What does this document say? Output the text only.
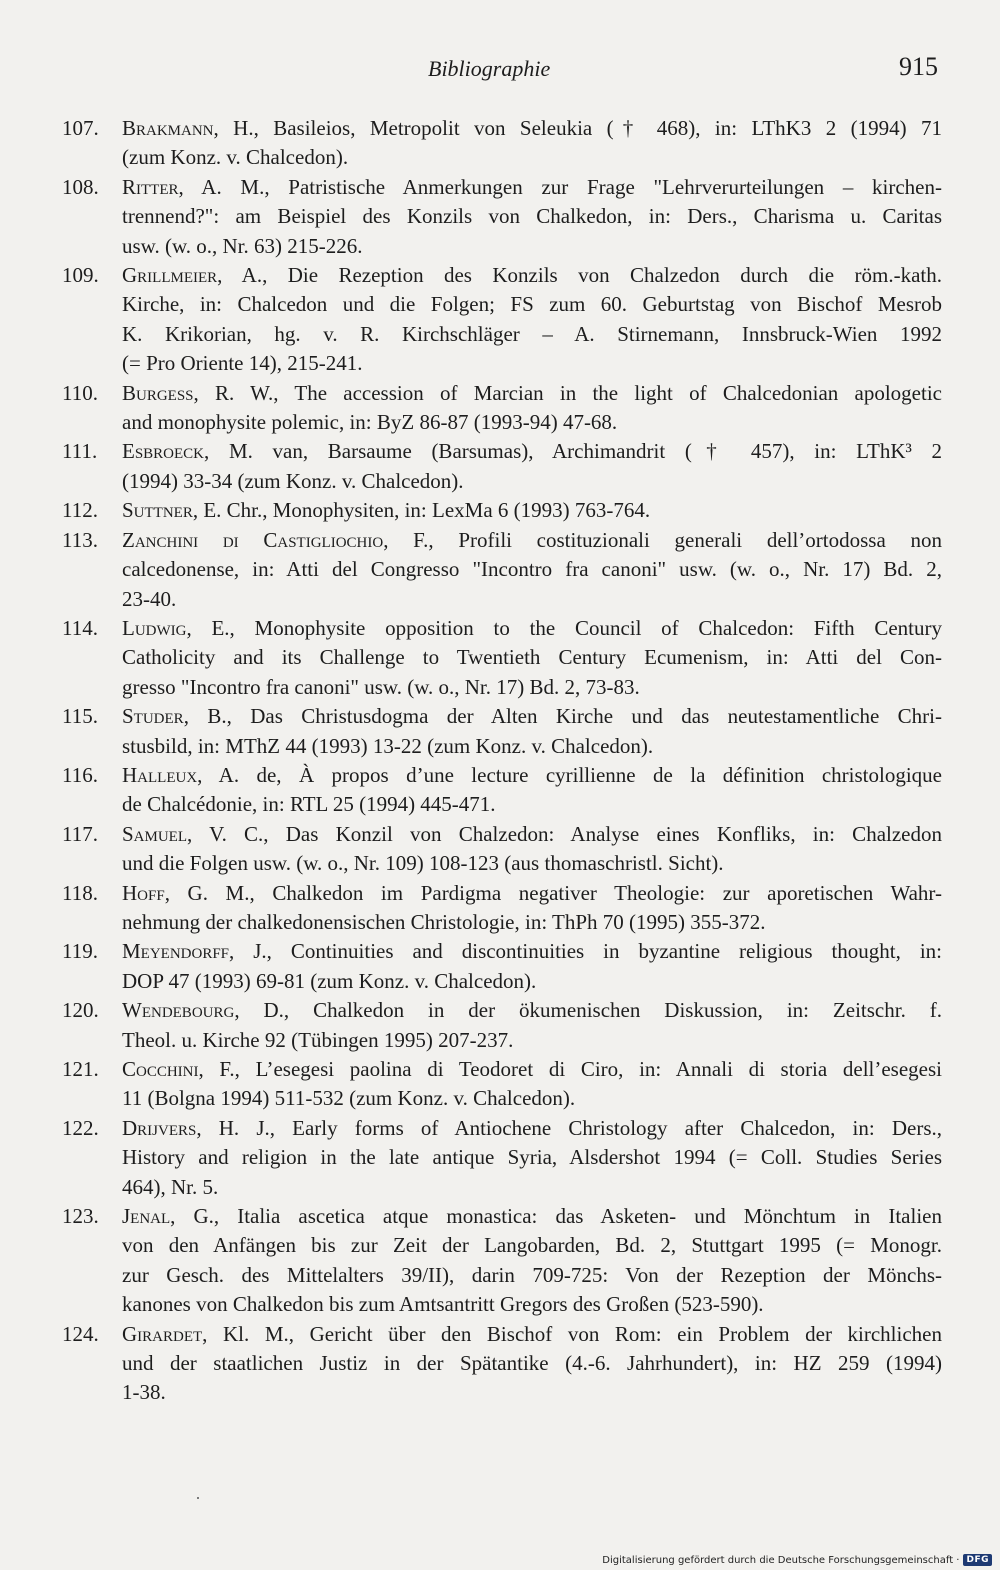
Bibliographie	915
107.	Brakmann, H., Basileios, Metropolit von Seleukia († 468), in: LThK3 2 (1994) 71
(zum Konz. v. Chalcedon).
108.	Ritter, A. M., Patristische Anmerkungen zur Frage "Lehrverurteilungen – kirchen-
trennend?": am Beispiel des Konzils von Chalkedon, in: Ders., Charisma u. Caritas
usw. (w. o., Nr. 63) 215-226.
109.	Grillmeier, A., Die Rezeption des Konzils von Chalzedon durch die röm.-kath.
Kirche, in: Chalcedon und die Folgen; FS zum 60. Geburtstag von Bischof Mesrob
K. Krikorian, hg. v. R. Kirchschläger – A. Stirnemann, Innsbruck-Wien 1992
(= Pro Oriente 14), 215-241.
110.	Burgess, R. W., The accession of Marcian in the light of Chalcedonian apologetic
and monophysite polemic, in: ByZ 86-87 (1993-94) 47-68.
111.	Esbroeck, M. van, Barsaume (Barsumas), Archimandrit († 457), in: LThK³ 2
(1994) 33-34 (zum Konz. v. Chalcedon).
112.	Suttner, E. Chr., Monophysiten, in: LexMa 6 (1993) 763-764.
113.	Zanchini di Castigliochio, F., Profili costituzionali generali dell’ortodossa non
calcedonense, in: Atti del Congresso "Incontro fra canoni" usw. (w. o., Nr. 17) Bd. 2,
23-40.
114.	Ludwig, E., Monophysite opposition to the Council of Chalcedon: Fifth Century
Catholicity and its Challenge to Twentieth Century Ecumenism, in: Atti del Con-
gresso "Incontro fra canoni" usw. (w. o., Nr. 17) Bd. 2, 73-83.
115.	Studer, B., Das Christusdogma der Alten Kirche und das neutestamentliche Chri-
stusbild, in: MThZ 44 (1993) 13-22 (zum Konz. v. Chalcedon).
116.	Halleux, A. de, À propos d’une lecture cyrillienne de la définition christologique
de Chalcédonie, in: RTL 25 (1994) 445-471.
117.	Samuel, V. C., Das Konzil von Chalzedon: Analyse eines Konfliks, in: Chalzedon
und die Folgen usw. (w. o., Nr. 109) 108-123 (aus thomaschristl. Sicht).
118.	Hoff, G. M., Chalkedon im Pardigma negativer Theologie: zur aporetischen Wahr-
nehmung der chalkedonensischen Christologie, in: ThPh 70 (1995) 355-372.
119.	Meyendorff, J., Continuities and discontinuities in byzantine religious thought, in:
DOP 47 (1993) 69-81 (zum Konz. v. Chalcedon).
120.	Wendebourg, D., Chalkedon in der ökumenischen Diskussion, in: Zeitschr. f.
Theol. u. Kirche 92 (Tübingen 1995) 207-237.
121.	Cocchini, F., L’esegesi paolina di Teodoret di Ciro, in: Annali di storia dell’esegesi
11 (Bolgna 1994) 511-532 (zum Konz. v. Chalcedon).
122.	Drijvers, H. J., Early forms of Antiochene Christology after Chalcedon, in: Ders.,
History and religion in the late antique Syria, Alsdershot 1994 (= Coll. Studies Series
464), Nr. 5.
123.	Jenal, G., Italia ascetica atque monastica: das Asketen- und Mönchtum in Italien
von den Anfängen bis zur Zeit der Langobarden, Bd. 2, Stuttgart 1995 (= Monogr.
zur Gesch. des Mittelalters 39/II), darin 709-725: Von der Rezeption der Mönchs-
kanones von Chalkedon bis zum Amtsantritt Gregors des Großen (523-590).
124.	Girardet, Kl. M., Gericht über den Bischof von Rom: ein Problem der kirchlichen
und der staatlichen Justiz in der Spätantike (4.-6. Jahrhundert), in: HZ 259 (1994)
1-38.
Digitalisierung gefördert durch die Deutsche Forschungsgemeinschaft · DFG
